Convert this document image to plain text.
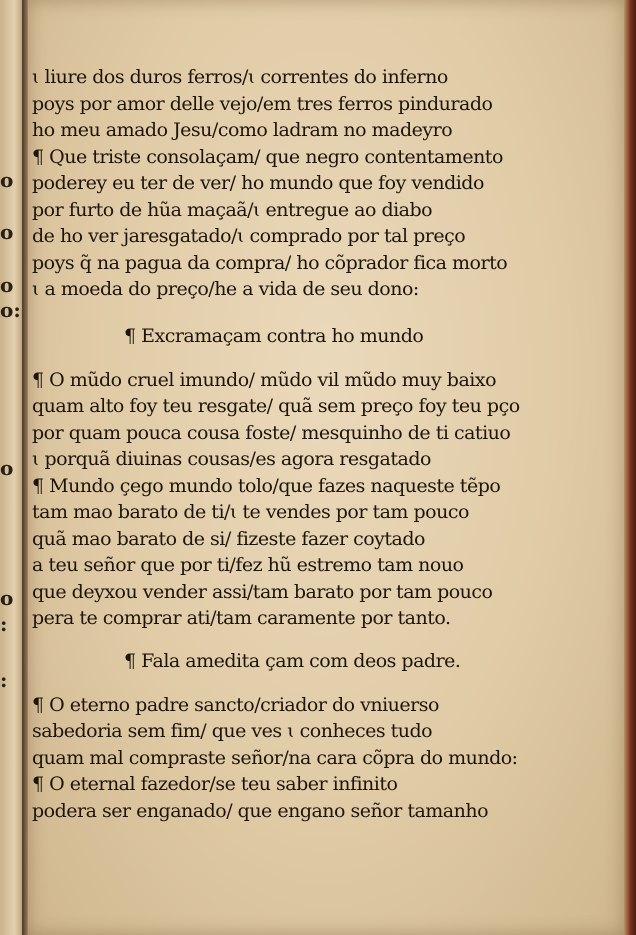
o
o
o
o:
o
o
:
:
ɩ liure dos duros ferros/ɩ correntes do inferno
poys por amor delle vejo/em tres ferros pindurado
ho meu amado Jesu/como ladram no madeyro
¶ Que triste consolaçam/ que negro contentamento
poderey eu ter de ver/ ho mundo que foy vendido
por furto de hũa maçaã/ɩ entregue ao diabo
de ho ver jaresgatado/ɩ comprado por tal preço
poys q̃ na pagua da compra/ ho cõprador fica morto
ɩ a moeda do preço/he a vida de seu dono:
¶ Excramaçam contra ho mundo
¶ O mũdo cruel imundo/ mũdo vil mũdo muy baixo
quam alto foy teu resgate/ quã sem preço foy teu pço
por quam pouca cousa foste/ mesquinho de ti catiuo
ɩ porquã diuinas cousas/es agora resgatado
¶ Mundo çego mundo tolo/que fazes naqueste tẽpo
tam mao barato de ti/ɩ te vendes por tam pouco
quã mao barato de si/ fizeste fazer coytado
a teu señor que por ti/fez hũ estremo tam nouo
que deyxou vender assi/tam barato por tam pouco
pera te comprar ati/tam caramente por tanto.
¶ Fala amedita çam com deos padre.
¶ O eterno padre sancto/criador do vniuerso
sabedoria sem fim/ que ves ɩ conheces tudo
quam mal compraste señor/na cara cõpra do mundo:
¶ O eternal fazedor/se teu saber infinito
podera ser enganado/ que engano señor tamanho
